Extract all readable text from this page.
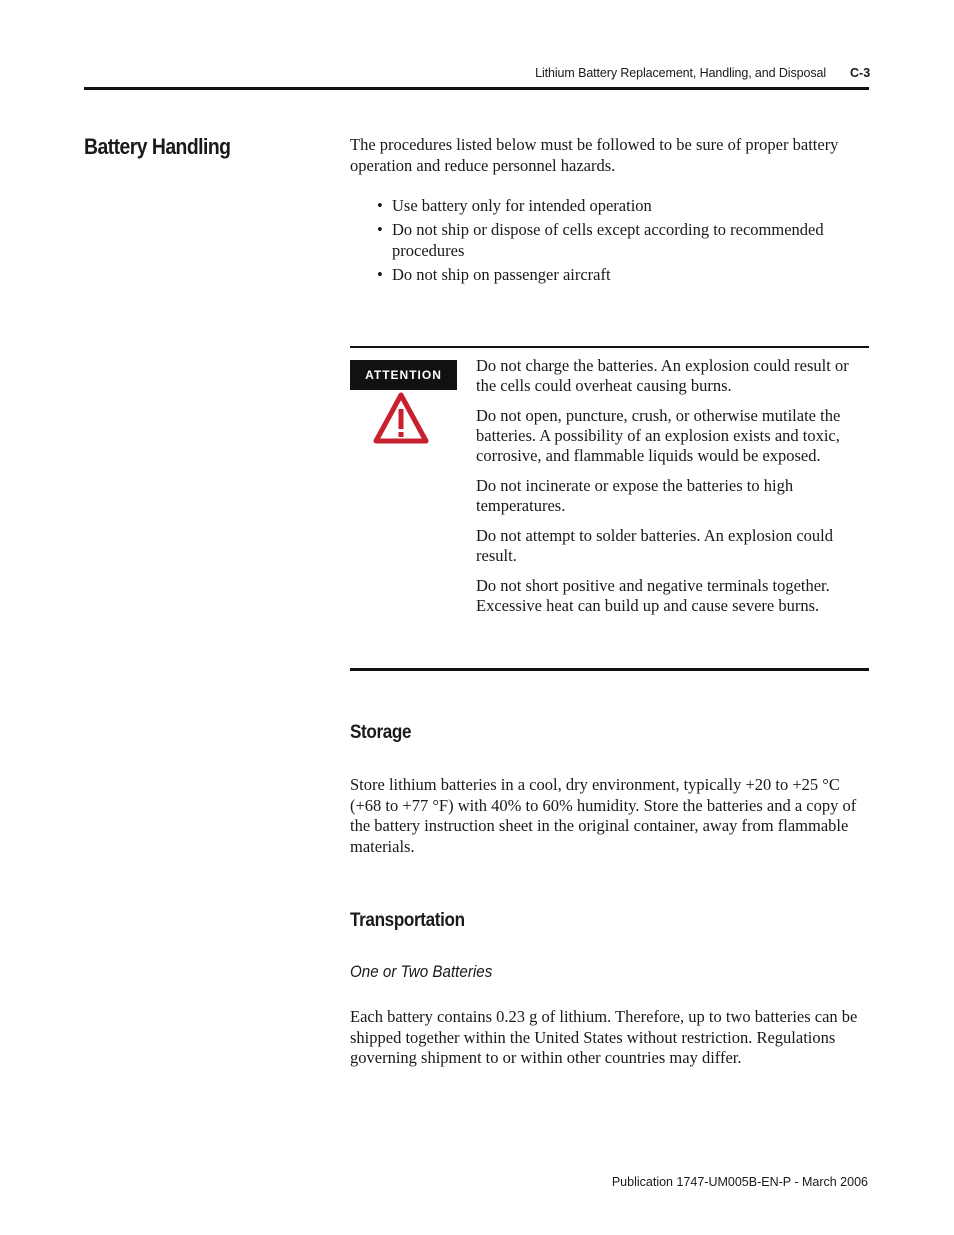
Lithium Battery Replacement, Handling, and Disposal C-3
Battery Handling	The procedures listed below must be followed to be sure of proper battery operation and reduce personnel hazards.
• Use battery only for intended operation
• Do not ship or dispose of cells except according to recommended procedures
• Do not ship on passenger aircraft
ATTENTION	Do not charge the batteries. An explosion could result or the cells could overheat causing burns.

Do not open, puncture, crush, or otherwise mutilate the batteries. A possibility of an explosion exists and toxic, corrosive, and flammable liquids would be exposed.

Do not incinerate or expose the batteries to high temperatures.

Do not attempt to solder batteries. An explosion could result.

Do not short positive and negative terminals together. Excessive heat can build up and cause severe burns.

Storage
Store lithium batteries in a cool, dry environment, typically +20 to +25 °C (+68 to +77 °F) with 40% to 60% humidity. Store the batteries and a copy of the battery instruction sheet in the original container, away from flammable materials.
Transportation
One or Two Batteries
Each battery contains 0.23 g of lithium. Therefore, up to two batteries can be shipped together within the United States without restriction. Regulations governing shipment to or within other countries may differ.
Publication 1747-UM005B-EN-P - March 2006
